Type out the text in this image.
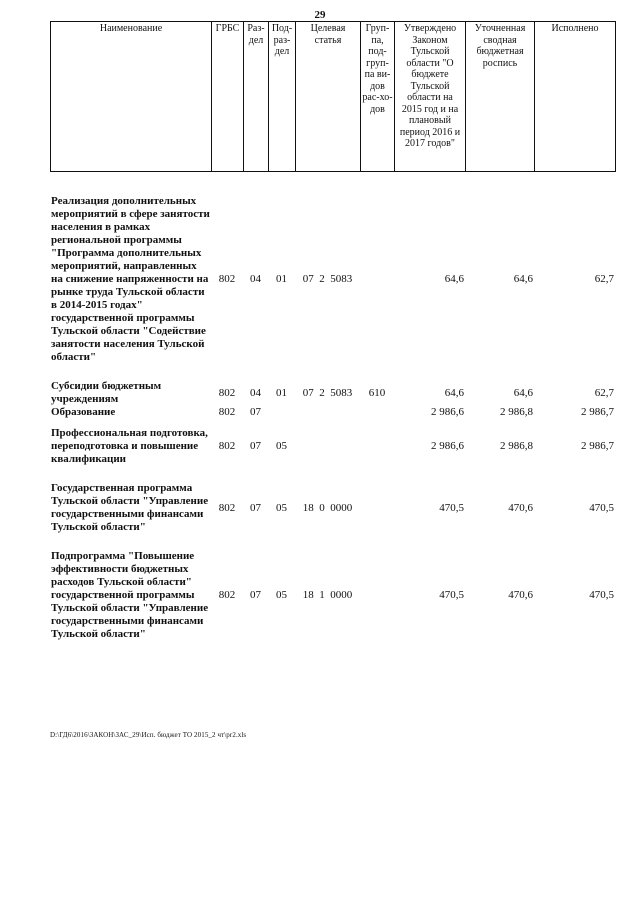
29
Наименование	ГРБС	Раз-дел	Под-раз-дел	Целевая статья	Груп-па, под-груп-па ви-дов рас-хо-дов	Утверждено Законом Тульской области "О бюджете Тульской области на 2015 год и на плановый период 2016 и 2017 годов"	Уточненная сводная бюджетная роспись	Исполнено
Реализация дополнительных мероприятий в сфере занятости населения в рамках региональной программы "Программа дополнительных мероприятий, направленных на снижение напряженности на рынке труда Тульской области в 2014-2015 годах" государственной программы Тульской области "Содействие занятости населения Тульской области"	802	04	01	07 2 5083		64,6	64,6	62,7

Субсидии бюджетным учреждениям	802	04	01	07 2 5083	610	64,6	64,6	62,7
Образование	802	07				2 986,6	2 986,8	2 986,7

Профессиональная подготовка, переподготовка и повышение квалификации	802	07	05			2 986,6	2 986,8	2 986,7

Государственная программа Тульской области "Управление государственными финансами Тульской области"	802	07	05	18 0 0000		470,5	470,6	470,5

Подпрограмма "Повышение эффективности бюджетных расходов Тульской области" государственной программы Тульской области "Управление государственными финансами Тульской области"	802	07	05	18 1 0000		470,5	470,6	470,5
D:\ГД6\2016\ЗАКОН\ЗАС_29\Исп. бюджет ТО 2015_2 чт\pr2.xls
